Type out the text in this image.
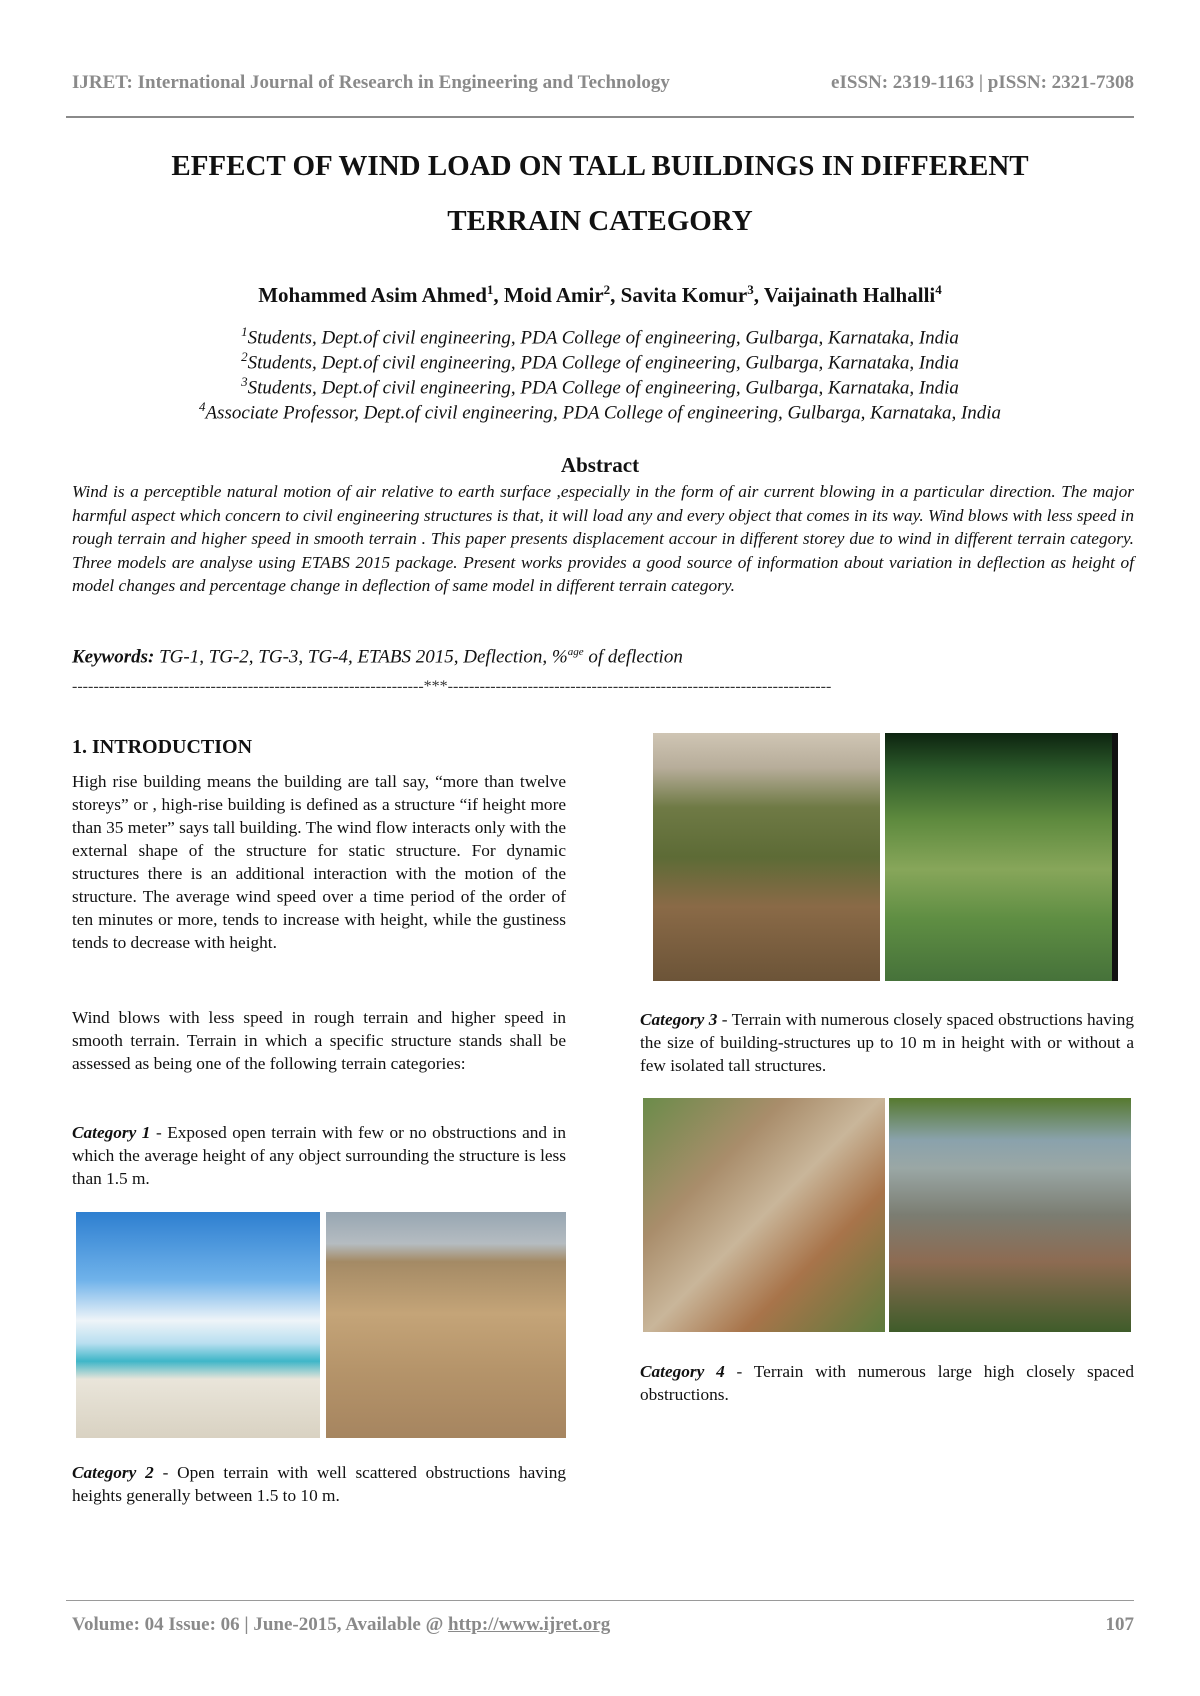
IJRET: International Journal of Research in Engineering and Technology	eISSN: 2319-1163 | pISSN: 2321-7308
EFFECT OF WIND LOAD ON TALL BUILDINGS IN DIFFERENT
TERRAIN CATEGORY
Mohammed Asim Ahmed$^1$, Moid Amir$^2$, Savita Komur$^3$, Vaijainath Halhalli$^4$
$^1$Students, Dept.of civil engineering, PDA College of engineering, Gulbarga, Karnataka, India
$^2$Students, Dept.of civil engineering, PDA College of engineering, Gulbarga, Karnataka, India
$^3$Students, Dept.of civil engineering, PDA College of engineering, Gulbarga, Karnataka, India
$^4$Associate Professor, Dept.of civil engineering, PDA College of engineering, Gulbarga, Karnataka, India
Abstract
Wind is a perceptible natural motion of air relative to earth surface ,especially in the form of air current blowing in a particular direction. The major harmful aspect which concern to civil engineering structures is that, it will load any and every object that comes in its way. Wind blows with less speed in rough terrain and higher speed in smooth terrain . This paper presents displacement accour in different storey due to wind in different terrain category. Three models are analyse using ETABS 2015 package. Present works provides a good source of information about variation in deflection as height of model changes and percentage change in deflection of same model in different terrain category.
Keywords: TG-1, TG-2, TG-3, TG-4, ETABS 2015, Deflection, %$^{age}$ of deflection
------------------------------------------------------------------***------------------------------------------------------------------------
1. INTRODUCTION
High rise building means the building are tall say, “more than twelve storeys” or , high-rise building is defined as a structure “if height more than 35 meter” says tall building. The wind flow interacts only with the external shape of the structure for static structure. For dynamic structures there is an additional interaction with the motion of the structure. The average wind speed over a time period of the order of ten minutes or more, tends to increase with height, while the gustiness tends to decrease with height.
Wind blows with less speed in rough terrain and higher speed in smooth terrain. Terrain in which a specific structure stands shall be assessed as being one of the following terrain categories:
Category 1 - Exposed open terrain with few or no obstructions and in which the average height of any object surrounding the structure is less than 1.5 m.
Category 2 - Open terrain with well scattered obstructions having heights generally between 1.5 to 10 m.
Category 3 - Terrain with numerous closely spaced obstructions having the size of building-structures up to 10 m in height with or without a few isolated tall structures.
Category 4 - Terrain with numerous large high closely spaced obstructions.
Volume: 04 Issue: 06 | June-2015, Available @ http://www.ijret.org	107
